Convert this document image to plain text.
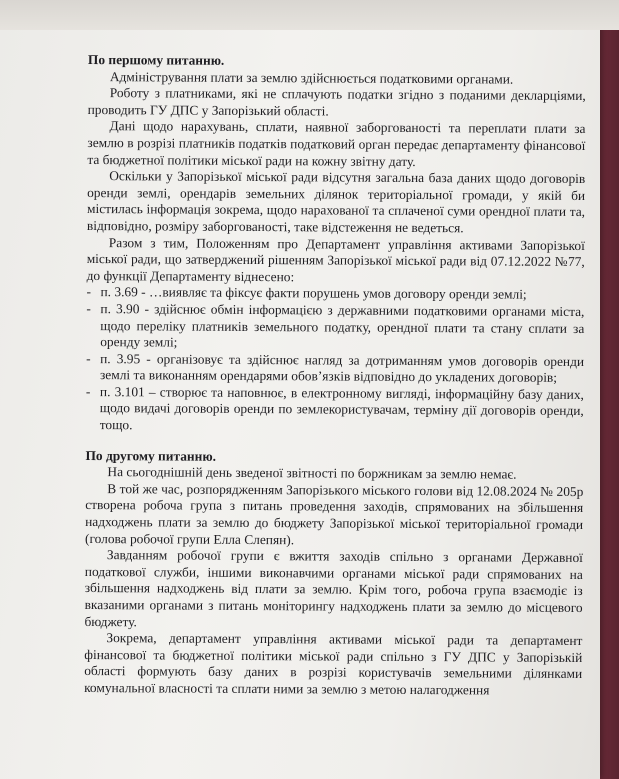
По першому питанню.

Адміністрування плати за землю здійснюється податковими органами.

Роботу з платниками, які не сплачують податки згідно з поданими декларціями, проводить ГУ ДПС у Запорізький області.

Дані щодо нарахувань, сплати, наявної заборгованості та переплати плати за землю в розрізі платників податків податковий орган передає департаменту фінансової та бюджетної політики міської ради на кожну звітну дату.

Оскільки у Запорізької міської ради відсутня загальна база даних щодо договорів оренди землі, орендарів земельних ділянок територіальної громади, у якій би містилась інформація зокрема, щодо нарахованої та сплаченої суми орендної плати та, відповідно, розміру заборгованості, таке відстеження не ведеться.

Разом з тим, Положенням про Департамент управління активами Запорізької міської ради, що затверджений рішенням Запорізької міської ради від 07.12.2022 №77, до функції Департаменту віднесено:

- п. 3.69 - …виявляє та фіксує факти порушень умов договору оренди землі;
- п. 3.90 - здійснює обмін інформацією з державними податковими органами міста, щодо переліку платників земельного податку, орендної плати та стану сплати за оренду землі;
- п. 3.95 - організовує та здійснює нагляд за дотриманням умов договорів оренди землі та виконанням орендарями обов’язків відповідно до укладених договорів;
- п. 3.101 – створює та наповнює, в електронному вигляді, інформаційну базу даних, щодо видачі договорів оренди по землекористувачам, терміну дії договорів оренди, тощо.

По другому питанню.

На сьогоднішній день зведеної звітності по боржникам за землю немає.

В той же час, розпорядженням Запорізького міського голови від 12.08.2024 № 205р створена робоча група з питань проведення заходів, спрямованих на збільшення надходжень плати за землю до бюджету Запорізької міської територіальної громади (голова робочої групи Елла Слепян).

Завданням робочої групи є вжиття заходів спільно з органами Державної податкової служби, іншими виконавчими органами міської ради спрямованих на збільшення надходжень від плати за землю. Крім того, робоча група взаємодіє із вказаними органами з питань моніторингу надходжень плати за землю до місцевого бюджету.

Зокрема, департамент управління активами міської ради та департамент фінансової та бюджетної політики міської ради спільно з ГУ ДПС у Запорізькій області формують базу даних в розрізі користувачів земельними ділянками комунальної власності та сплати ними за землю з метою налагодження
